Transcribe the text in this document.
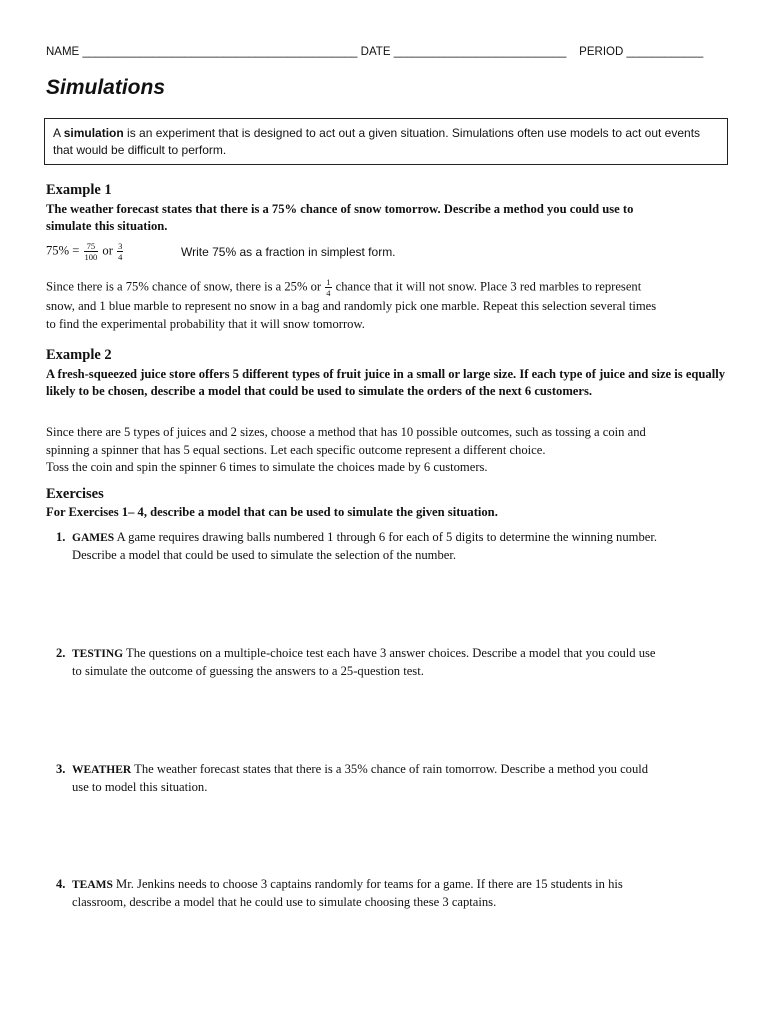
NAME ___________________________________________ DATE ___________________________ PERIOD ____________
Simulations
A simulation is an experiment that is designed to act out a given situation. Simulations often use models to act out events that would be difficult to perform.
Example 1
The weather forecast states that there is a 75% chance of snow tomorrow. Describe a method you could use to
simulate this situation.
$75\% = \frac{75}{100}$ or $\frac{3}{4}$	Write 75% as a fraction in simplest form.
Since there is a 75% chance of snow, there is a 25% or $\frac{1}{4}$ chance that it will not snow. Place 3 red marbles to represent
snow, and 1 blue marble to represent no snow in a bag and randomly pick one marble. Repeat this selection several times
to find the experimental probability that it will snow tomorrow.
Example 2
A fresh-squeezed juice store offers 5 different types of fruit juice in a small or large size. If each type of juice and size is equally likely to be chosen, describe a model that could be used to simulate the orders of the next 6 customers.
Since there are 5 types of juices and 2 sizes, choose a method that has 10 possible outcomes, such as tossing a coin and
spinning a spinner that has 5 equal sections. Let each specific outcome represent a different choice.
Toss the coin and spin the spinner 6 times to simulate the choices made by 6 customers.
Exercises
For Exercises 1– 4, describe a model that can be used to simulate the given situation.
1. GAMES A game requires drawing balls numbered 1 through 6 for each of 5 digits to determine the winning number.
Describe a model that could be used to simulate the selection of the number.
2. TESTING The questions on a multiple-choice test each have 3 answer choices. Describe a model that you could use
to simulate the outcome of guessing the answers to a 25-question test.
3. WEATHER The weather forecast states that there is a 35% chance of rain tomorrow. Describe a method you could
use to model this situation.
4. TEAMS Mr. Jenkins needs to choose 3 captains randomly for teams for a game. If there are 15 students in his
classroom, describe a model that he could use to simulate choosing these 3 captains.
